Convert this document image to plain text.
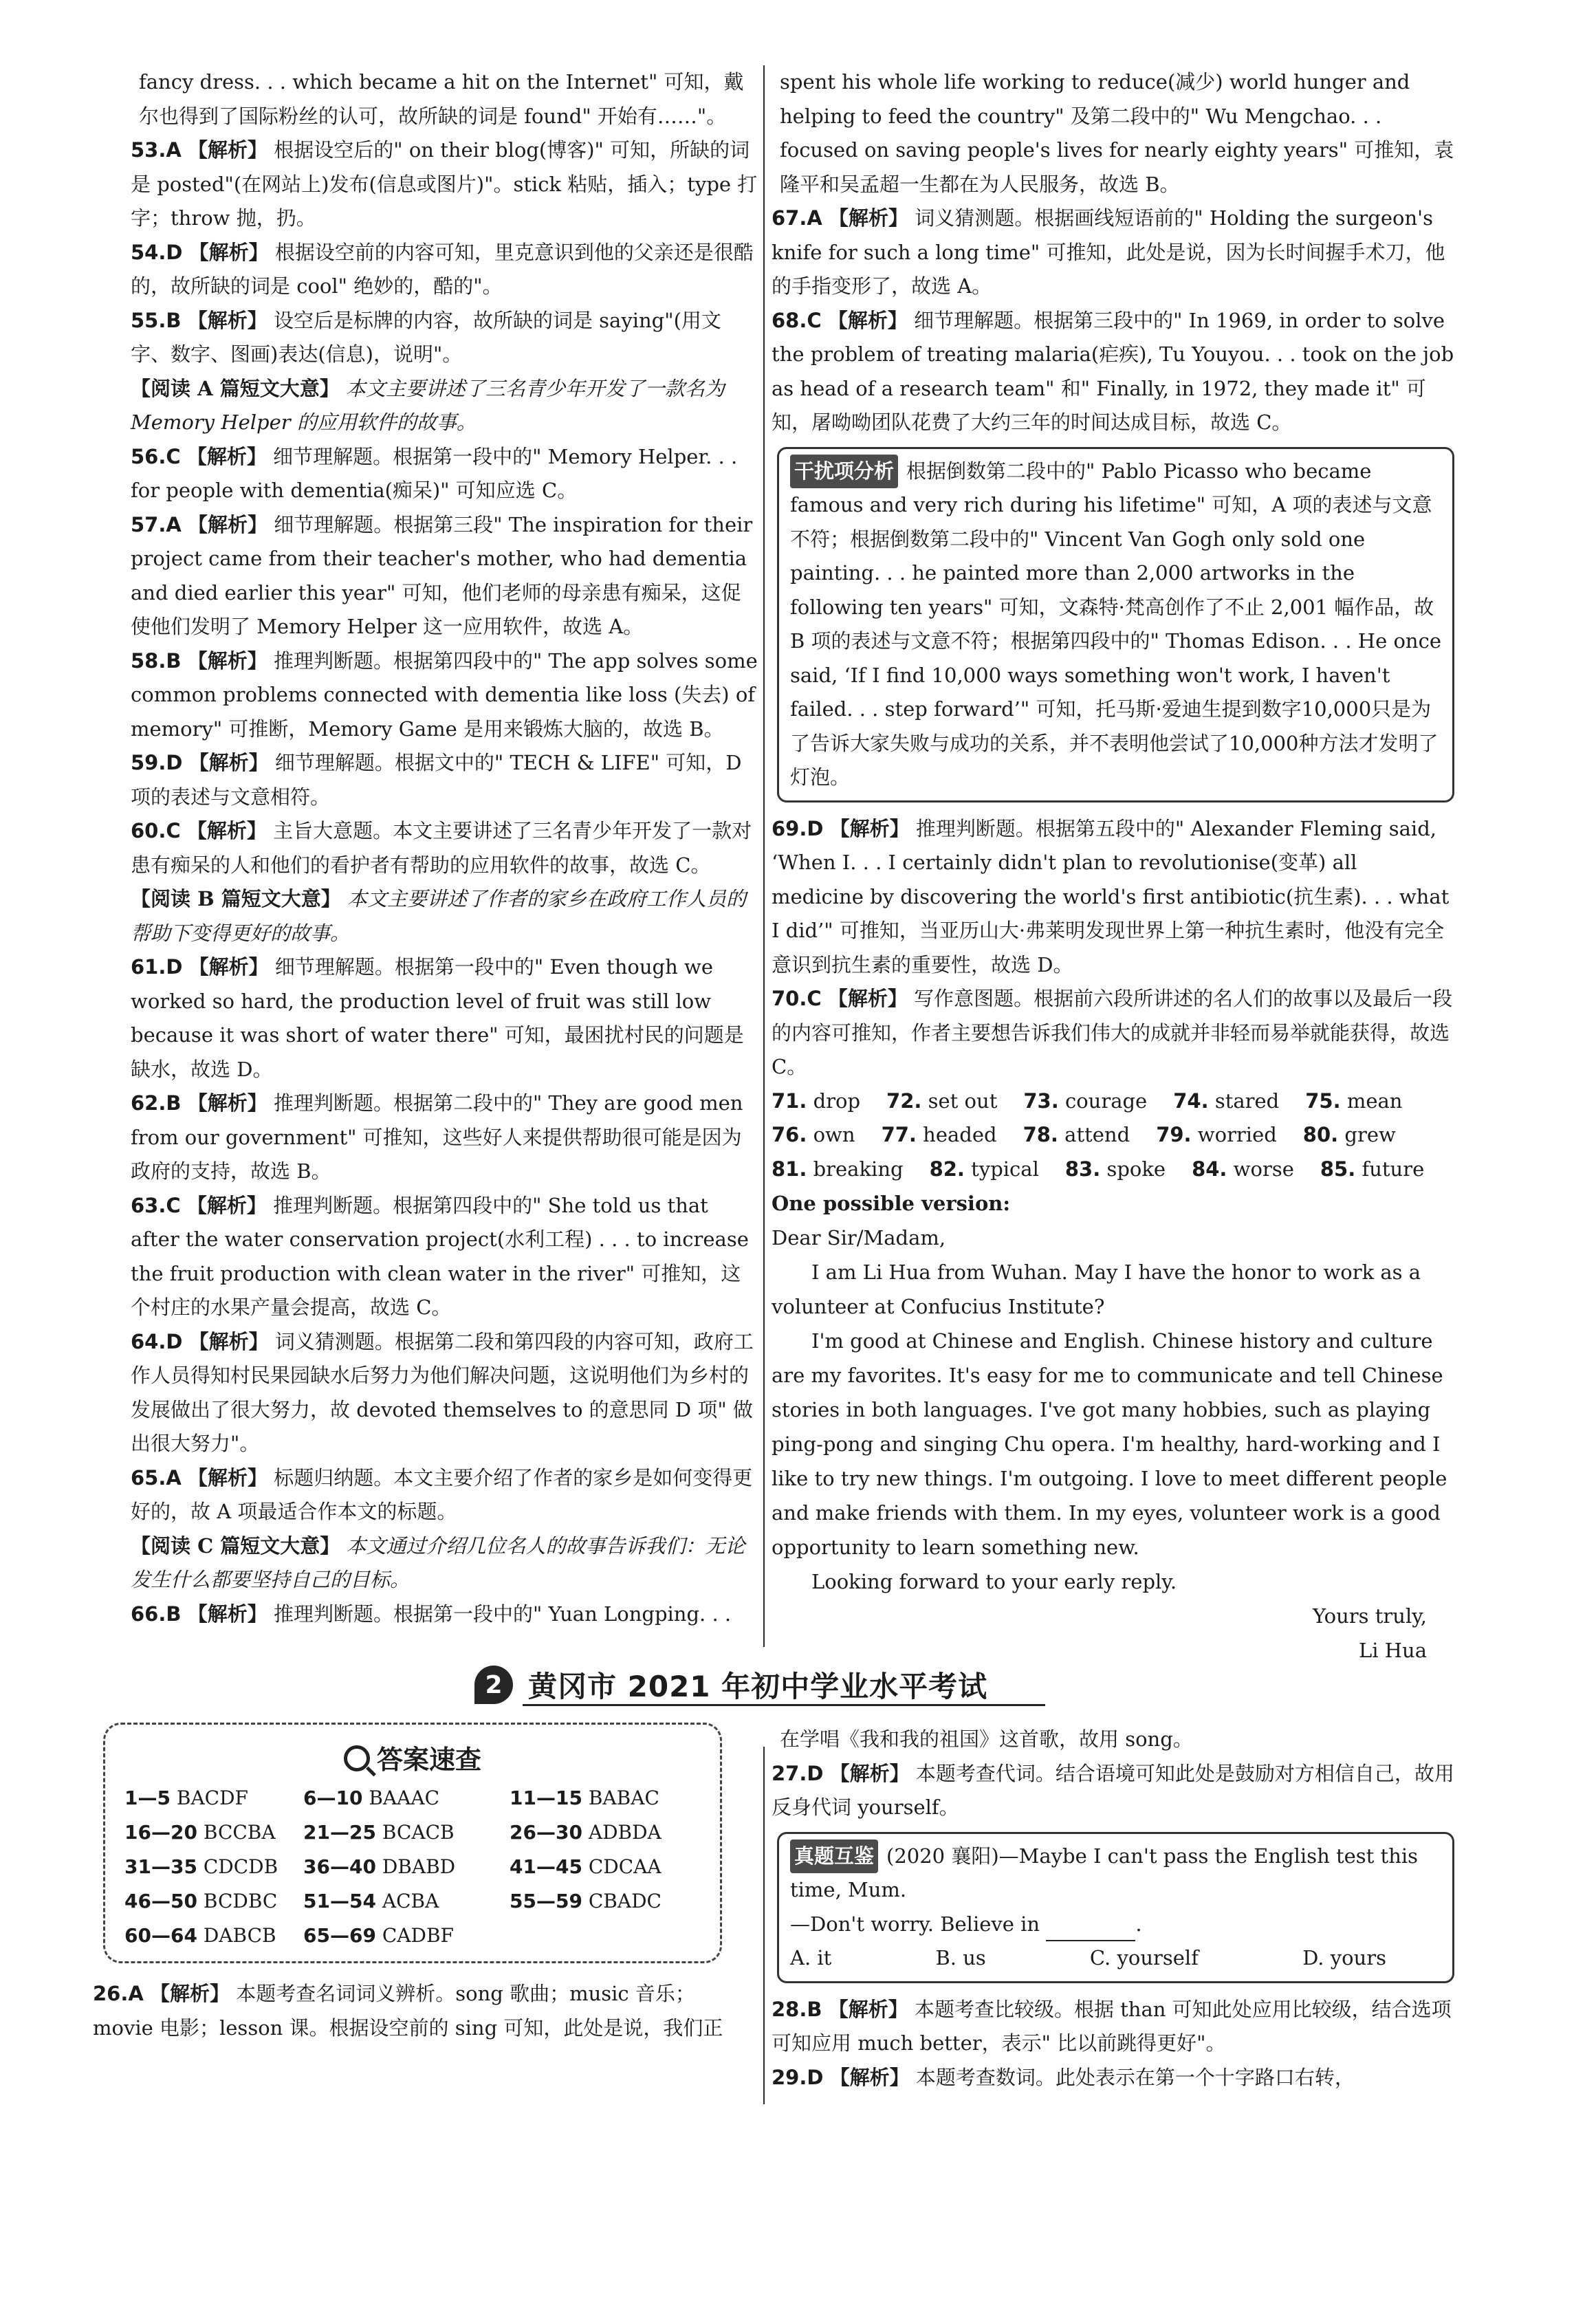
fancy dress. . . which became a hit on the Internet" 可知，戴尔也得到了国际粉丝的认可，故所缺的词是 found" 开始有……"。

53.A 【解析】 根据设空后的" on their blog(博客)" 可知，所缺的词是 posted"(在网站上)发布(信息或图片)"。stick 粘贴，插入；type 打字；throw 抛，扔。

54.D 【解析】 根据设空前的内容可知，里克意识到他的父亲还是很酷的，故所缺的词是 cool" 绝妙的，酷的"。

55.B 【解析】 设空后是标牌的内容，故所缺的词是 saying"(用文字、数字、图画)表达(信息)，说明"。

【阅读 A 篇短文大意】 本文主要讲述了三名青少年开发了一款名为 Memory Helper 的应用软件的故事。

56.C 【解析】 细节理解题。根据第一段中的" Memory Helper. . . for people with dementia(痴呆)" 可知应选 C。

57.A 【解析】 细节理解题。根据第三段" The inspiration for their project came from their teacher's mother, who had dementia and died earlier this year" 可知，他们老师的母亲患有痴呆，这促使他们发明了 Memory Helper 这一应用软件，故选 A。

58.B 【解析】 推理判断题。根据第四段中的" The app solves some common problems connected with dementia like loss (失去) of memory" 可推断，Memory Game 是用来锻炼大脑的，故选 B。

59.D 【解析】 细节理解题。根据文中的" TECH & LIFE" 可知，D 项的表述与文意相符。

60.C 【解析】 主旨大意题。本文主要讲述了三名青少年开发了一款对患有痴呆的人和他们的看护者有帮助的应用软件的故事，故选 C。

【阅读 B 篇短文大意】 本文主要讲述了作者的家乡在政府工作人员的帮助下变得更好的故事。

61.D 【解析】 细节理解题。根据第一段中的" Even though we worked so hard, the production level of fruit was still low because it was short of water there" 可知，最困扰村民的问题是缺水，故选 D。

62.B 【解析】 推理判断题。根据第二段中的" They are good men from our government" 可推知，这些好人来提供帮助很可能是因为政府的支持，故选 B。

63.C 【解析】 推理判断题。根据第四段中的" She told us that after the water conservation project(水利工程) . . . to increase the fruit production with clean water in the river" 可推知，这个村庄的水果产量会提高，故选 C。

64.D 【解析】 词义猜测题。根据第二段和第四段的内容可知，政府工作人员得知村民果园缺水后努力为他们解决问题，这说明他们为乡村的发展做出了很大努力，故 devoted themselves to 的意思同 D 项" 做出很大努力"。

65.A 【解析】 标题归纳题。本文主要介绍了作者的家乡是如何变得更好的，故 A 项最适合作本文的标题。

【阅读 C 篇短文大意】 本文通过介绍几位名人的故事告诉我们：无论发生什么都要坚持自己的目标。

66.B 【解析】 推理判断题。根据第一段中的" Yuan Longping. . .

spent his whole life working to reduce(减少) world hunger and helping to feed the country" 及第二段中的" Wu Mengchao. . . focused on saving people's lives for nearly eighty years" 可推知，袁隆平和吴孟超一生都在为人民服务，故选 B。

67.A 【解析】 词义猜测题。根据画线短语前的" Holding the surgeon's knife for such a long time" 可推知，此处是说，因为长时间握手术刀，他的手指变形了，故选 A。

68.C 【解析】 细节理解题。根据第三段中的" In 1969, in order to solve the problem of treating malaria(疟疾), Tu Youyou. . . took on the job as head of a research team" 和" Finally, in 1972, they made it" 可知，屠呦呦团队花费了大约三年的时间达成目标，故选 C。

干扰项分析 根据倒数第二段中的" Pablo Picasso who became famous and very rich during his lifetime" 可知，A 项的表述与文意不符；根据倒数第二段中的" Vincent Van Gogh only sold one painting. . . he painted more than 2,000 artworks in the following ten years" 可知，文森特·梵高创作了不止 2,001 幅作品，故 B 项的表述与文意不符；根据第四段中的" Thomas Edison. . . He once said, ‘If I find 10,000 ways something won't work, I haven't failed. . . step forward’" 可知，托马斯·爱迪生提到数字10,000只是为了告诉大家失败与成功的关系，并不表明他尝试了10,000种方法才发明了灯泡。

69.D 【解析】 推理判断题。根据第五段中的" Alexander Fleming said, ‘When I. . . I certainly didn't plan to revolutionise(变革) all medicine by discovering the world's first antibiotic(抗生素). . . what I did’" 可推知，当亚历山大·弗莱明发现世界上第一种抗生素时，他没有完全意识到抗生素的重要性，故选 D。

70.C 【解析】 写作意图题。根据前六段所讲述的名人们的故事以及最后一段的内容可推知，作者主要想告诉我们伟大的成就并非轻而易举就能获得，故选 C。

71. drop 72. set out 73. courage 74. stared 75. mean
76. own 77. headed 78. attend 79. worried 80. grew
81. breaking 82. typical 83. spoke 84. worse 85. future

One possible version:

Dear Sir/Madam,

I am Li Hua from Wuhan. May I have the honor to work as a volunteer at Confucius Institute?

I'm good at Chinese and English. Chinese history and culture are my favorites. It's easy for me to communicate and tell Chinese stories in both languages. I've got many hobbies, such as playing ping-pong and singing Chu opera. I'm healthy, hard-working and I like to try new things. I'm outgoing. I love to meet different people and make friends with them. In my eyes, volunteer work is a good opportunity to learn something new.

Looking forward to your early reply.

Yours truly,

Li Hua

2 黄冈市 2021 年初中学业水平考试
答案速查
1—5 BACDF	6—10 BAAAC	11—15 BABAC
16—20 BCCBA	21—25 BCACB	26—30 ADBDA
31—35 CDCDB	36—40 DBABD	41—45 CDCAA
46—50 BCDBC	51—54 ACBA	55—59 CBADC
60—64 DABCB	65—69 CADBF

26.A 【解析】 本题考查名词词义辨析。song 歌曲；music 音乐；movie 电影；lesson 课。根据设空前的 sing 可知，此处是说，我们正

在学唱《我和我的祖国》这首歌，故用 song。

27.D 【解析】 本题考查代词。结合语境可知此处是鼓励对方相信自己，故用反身代词 yourself。

真题互鉴 (2020 襄阳)—Maybe I can't pass the English test this time, Mum.

—Don't worry. Believe in	.

A. it	B. us	C. yourself	D. yours

28.B 【解析】 本题考查比较级。根据 than 可知此处应用比较级，结合选项可知应用 much better，表示" 比以前跳得更好"。

29.D 【解析】 本题考查数词。此处表示在第一个十字路口右转，
